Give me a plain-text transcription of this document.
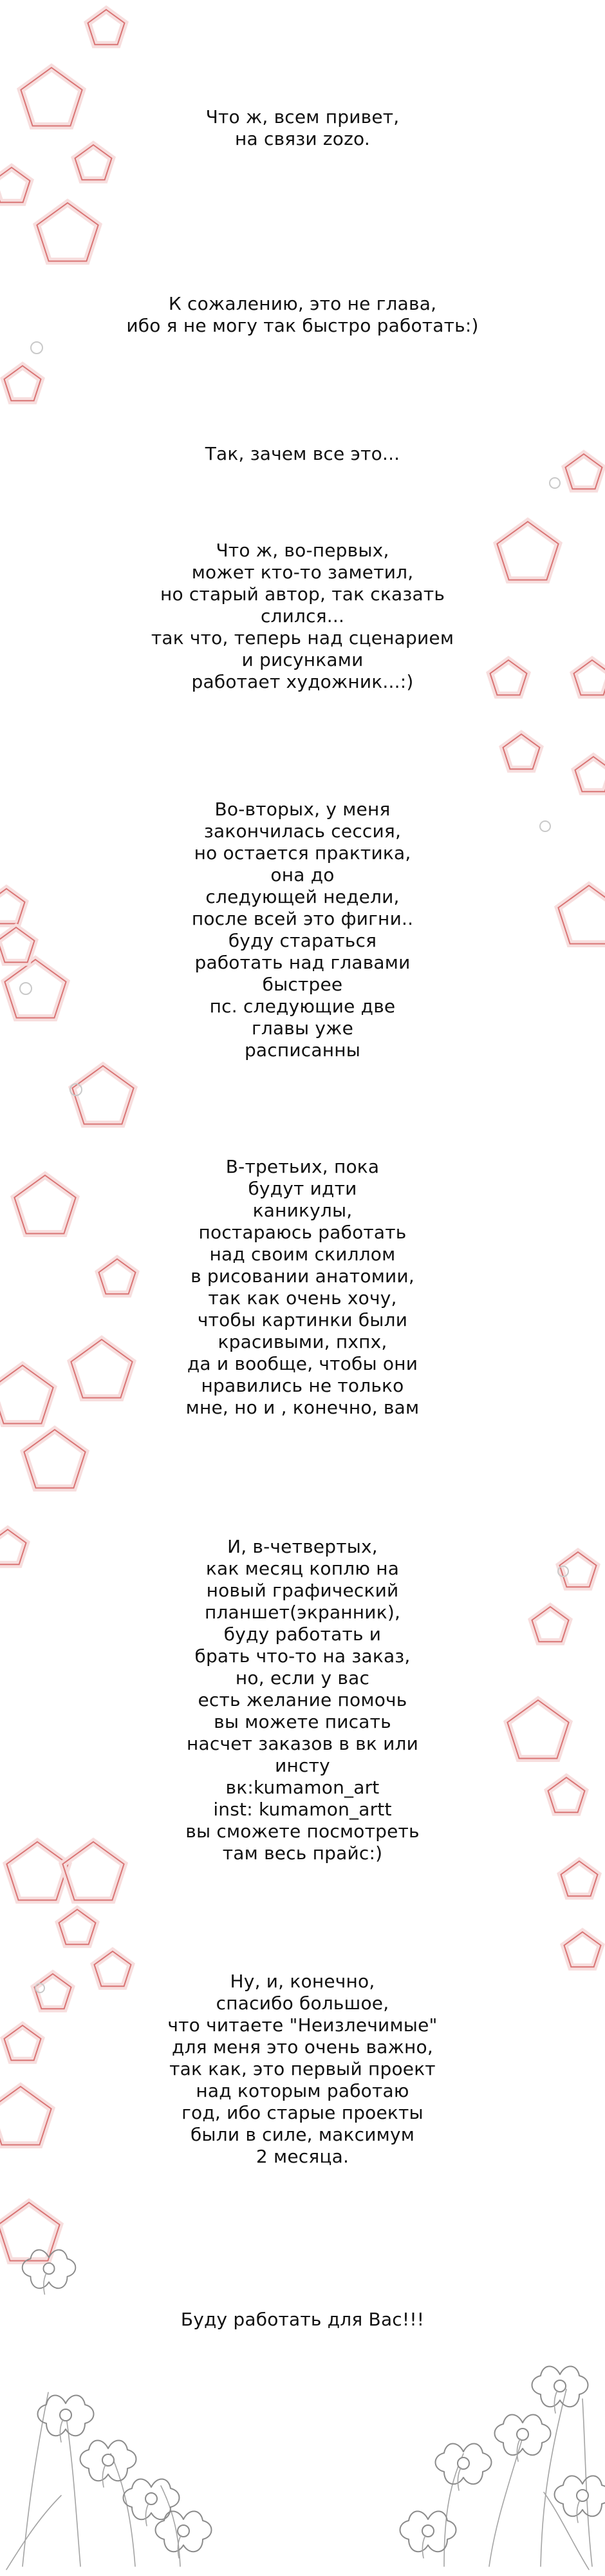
Что ж, всем привет,
на связи zozo.

К сожалению, это не глава,
ибо я не могу так быстро работать:)

Так, зачем все это...

Что ж, во-первых,
может кто-то заметил,
но старый автор, так сказать
слился...
так что, теперь над сценарием
и рисунками
работает художник...:)

Во-вторых, у меня
закончилась сессия,
но остается практика,
она до
следующей недели,
после всей это фигни..
буду стараться
работать над главами
быстрее
пс. следующие две
главы уже
расписанны

В-третьих, пока
будут идти
каникулы,
постараюсь работать
над своим скиллом
в рисовании анатомии,
так как очень хочу,
чтобы картинки были
красивыми, пхпх,
да и вообще, чтобы они
нравились не только
мне, но и , конечно, вам

И, в-четвертых,
как месяц коплю на
новый графический
планшет(экранник),
буду работать и
брать что-то на заказ,
но, если у вас
есть желание помочь
вы можете писать
насчет заказов в вк или
инсту
вк:kumamon_art
inst: kumamon_artt
вы сможете посмотреть
там весь прайс:)

Ну, и, конечно,
спасибо большое,
что читаете "Неизлечимые"
для меня это очень важно,
так как, это первый проект
над которым работаю
год, ибо старые проекты
были в силе, максимум
2 месяца.

Буду работать для Вас!!!
